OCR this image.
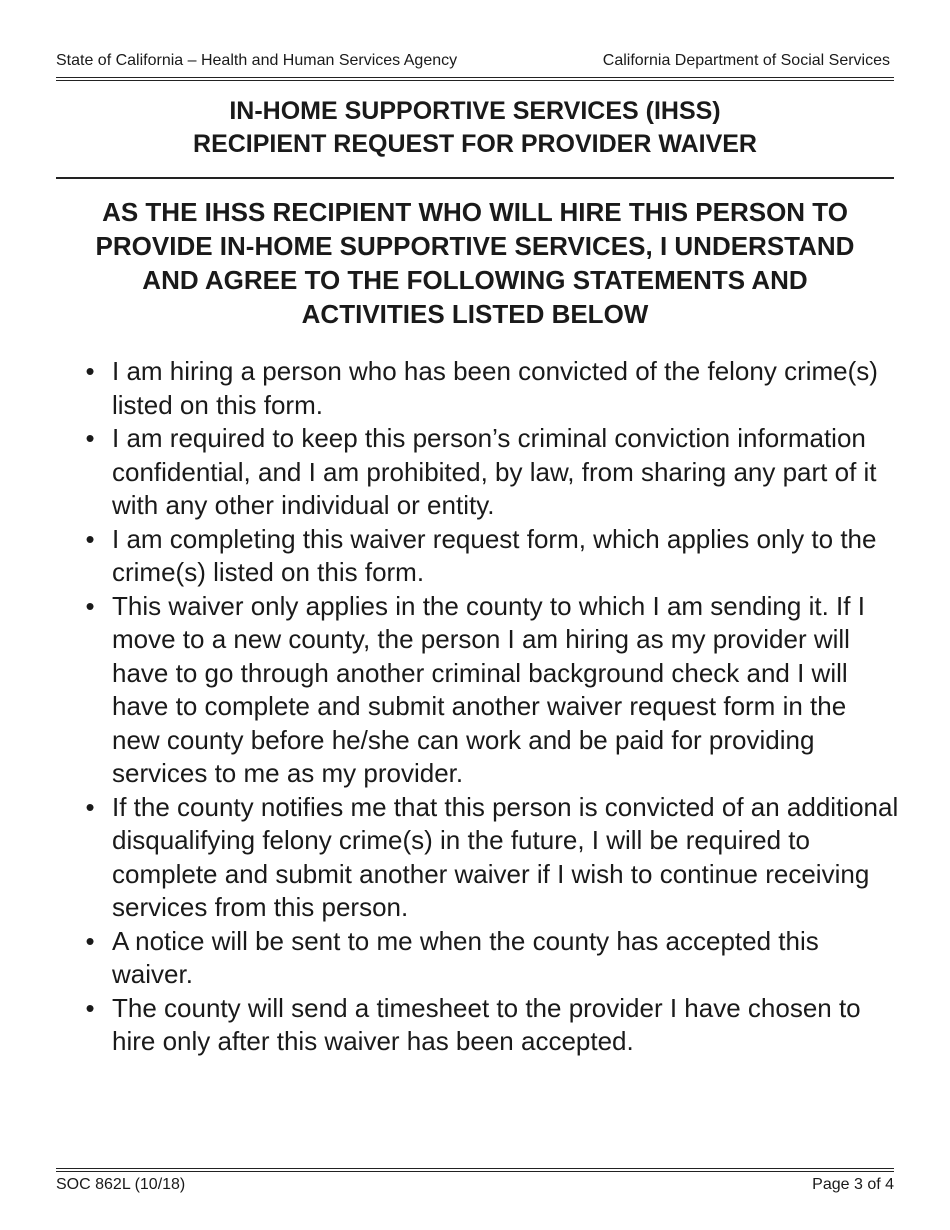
State of California – Health and Human Services Agency	California Department of Social Services
IN-HOME SUPPORTIVE SERVICES (IHSS)
RECIPIENT REQUEST FOR PROVIDER WAIVER
AS THE IHSS RECIPIENT WHO WILL HIRE THIS PERSON TO
PROVIDE IN-HOME SUPPORTIVE SERVICES, I UNDERSTAND
AND AGREE TO THE FOLLOWING STATEMENTS AND
ACTIVITIES LISTED BELOW
• I am hiring a person who has been convicted of the felony crime(s) listed on this form.
• I am required to keep this person’s criminal conviction information confidential, and I am prohibited, by law, from sharing any part of it with any other individual or entity.
• I am completing this waiver request form, which applies only to the crime(s) listed on this form.
• This waiver only applies in the county to which I am sending it. If I move to a new county, the person I am hiring as my provider will have to go through another criminal background check and I will have to complete and submit another waiver request form in the new county before he/she can work and be paid for providing services to me as my provider.
• If the county notifies me that this person is convicted of an additional disqualifying felony crime(s) in the future, I will be required to complete and submit another waiver if I wish to continue receiving services from this person.
• A notice will be sent to me when the county has accepted this waiver.
• The county will send a timesheet to the provider I have chosen to hire only after this waiver has been accepted.
SOC 862L (10/18)	Page 3 of 4
